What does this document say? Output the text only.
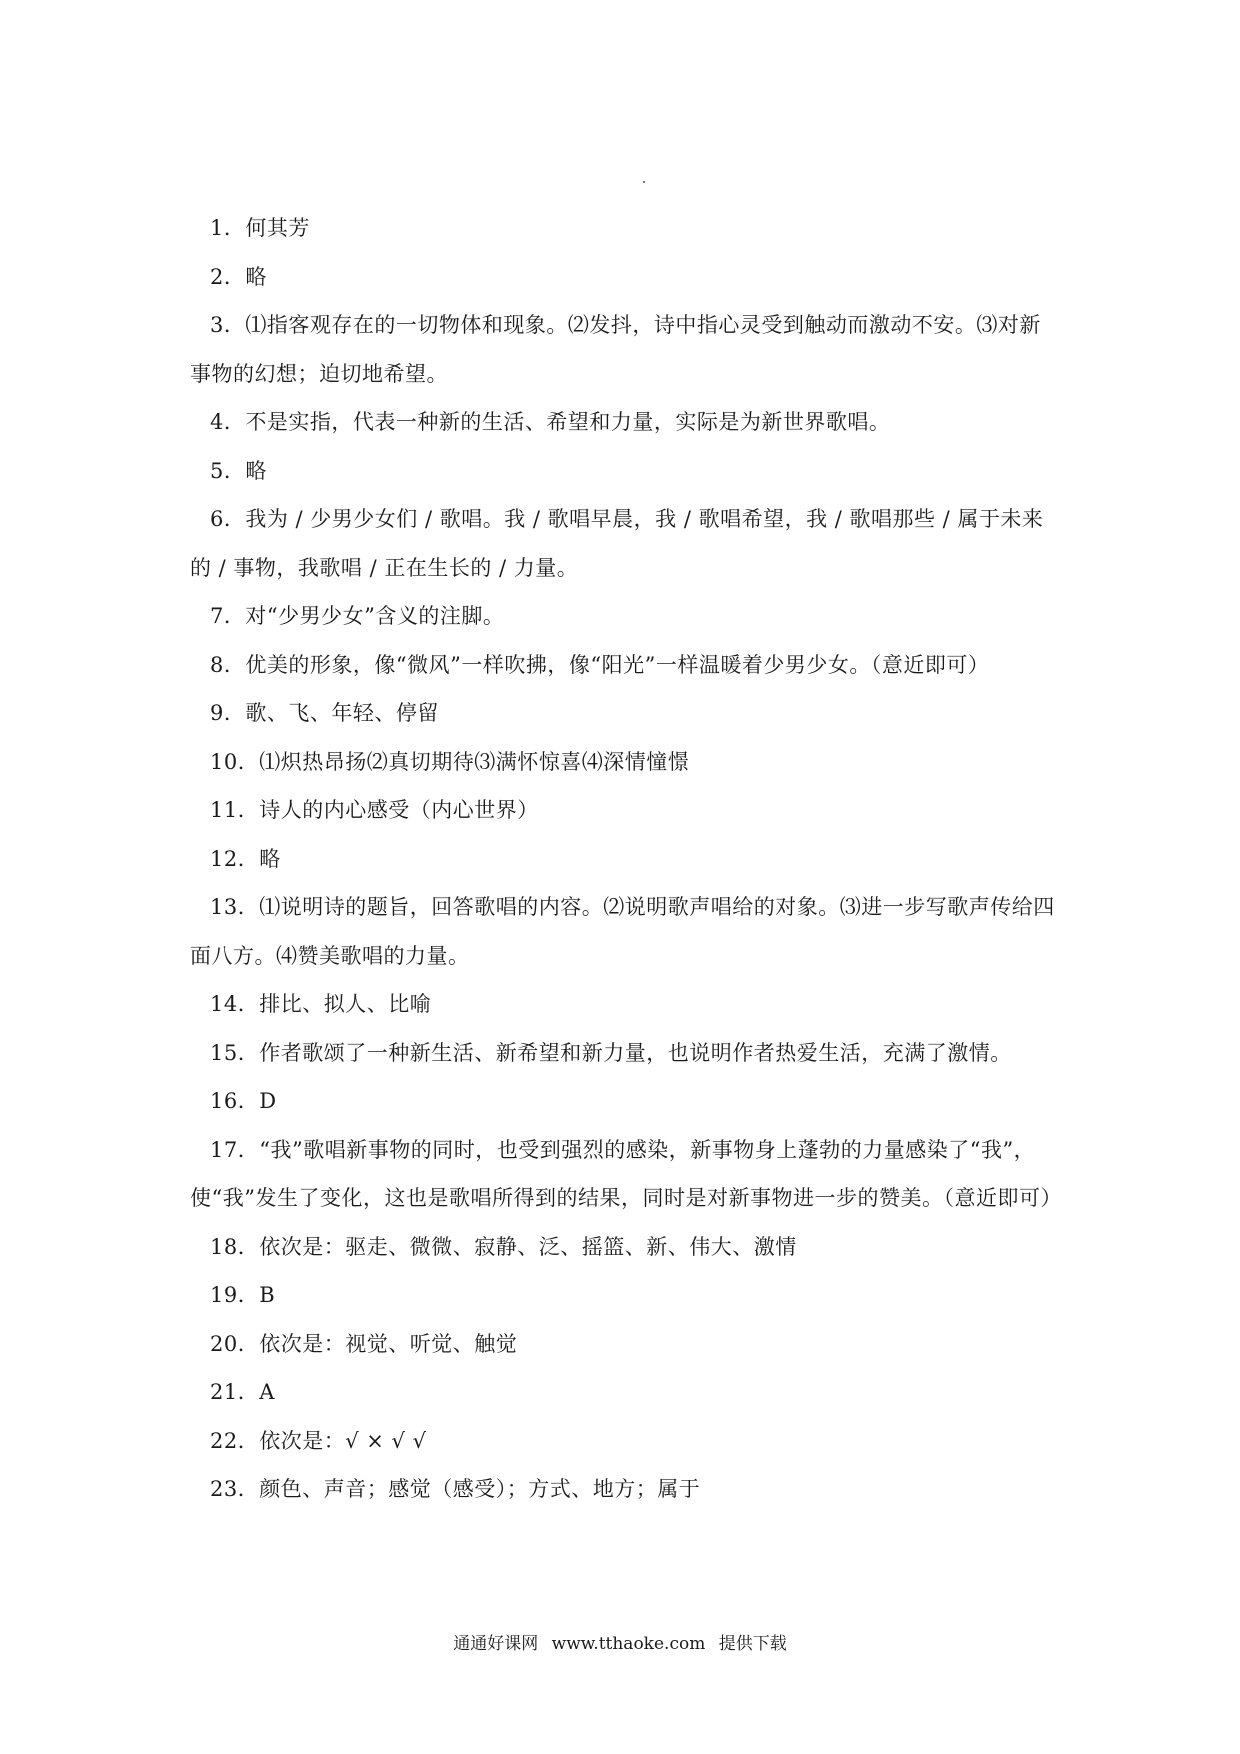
1．何其芳

2．略

3．⑴指客观存在的一切物体和现象。⑵发抖，诗中指心灵受到触动而激动不安。⑶对新事物的幻想；迫切地希望。

4．不是实指，代表一种新的生活、希望和力量，实际是为新世界歌唱。

5．略

6．我为 / 少男少女们 / 歌唱。我 / 歌唱早晨，我 / 歌唱希望，我 / 歌唱那些 / 属于未来的 / 事物，我歌唱 / 正在生长的 / 力量。

7．对“少男少女”含义的注脚。

8．优美的形象，像“微风”一样吹拂，像“阳光”一样温暖着少男少女。（意近即可）

9．歌、飞、年轻、停留

10．⑴炽热昂扬⑵真切期待⑶满怀惊喜⑷深情憧憬

11．诗人的内心感受（内心世界）

12．略

13．⑴说明诗的题旨，回答歌唱的内容。⑵说明歌声唱给的对象。⑶进一步写歌声传给四面八方。⑷赞美歌唱的力量。

14．排比、拟人、比喻

15．作者歌颂了一种新生活、新希望和新力量，也说明作者热爱生活，充满了激情。

16．D

17．“我”歌唱新事物的同时，也受到强烈的感染，新事物身上蓬勃的力量感染了“我”，使“我”发生了变化，这也是歌唱所得到的结果，同时是对新事物进一步的赞美。（意近即可）

18．依次是：驱走、微微、寂静、泛、摇篮、新、伟大、激情

19．B

20．依次是：视觉、听觉、触觉

21．A

22．依次是：√ × √ √

23．颜色、声音；感觉（感受）；方式、地方；属于

通通好课网 www.tthaoke.com 提供下载
